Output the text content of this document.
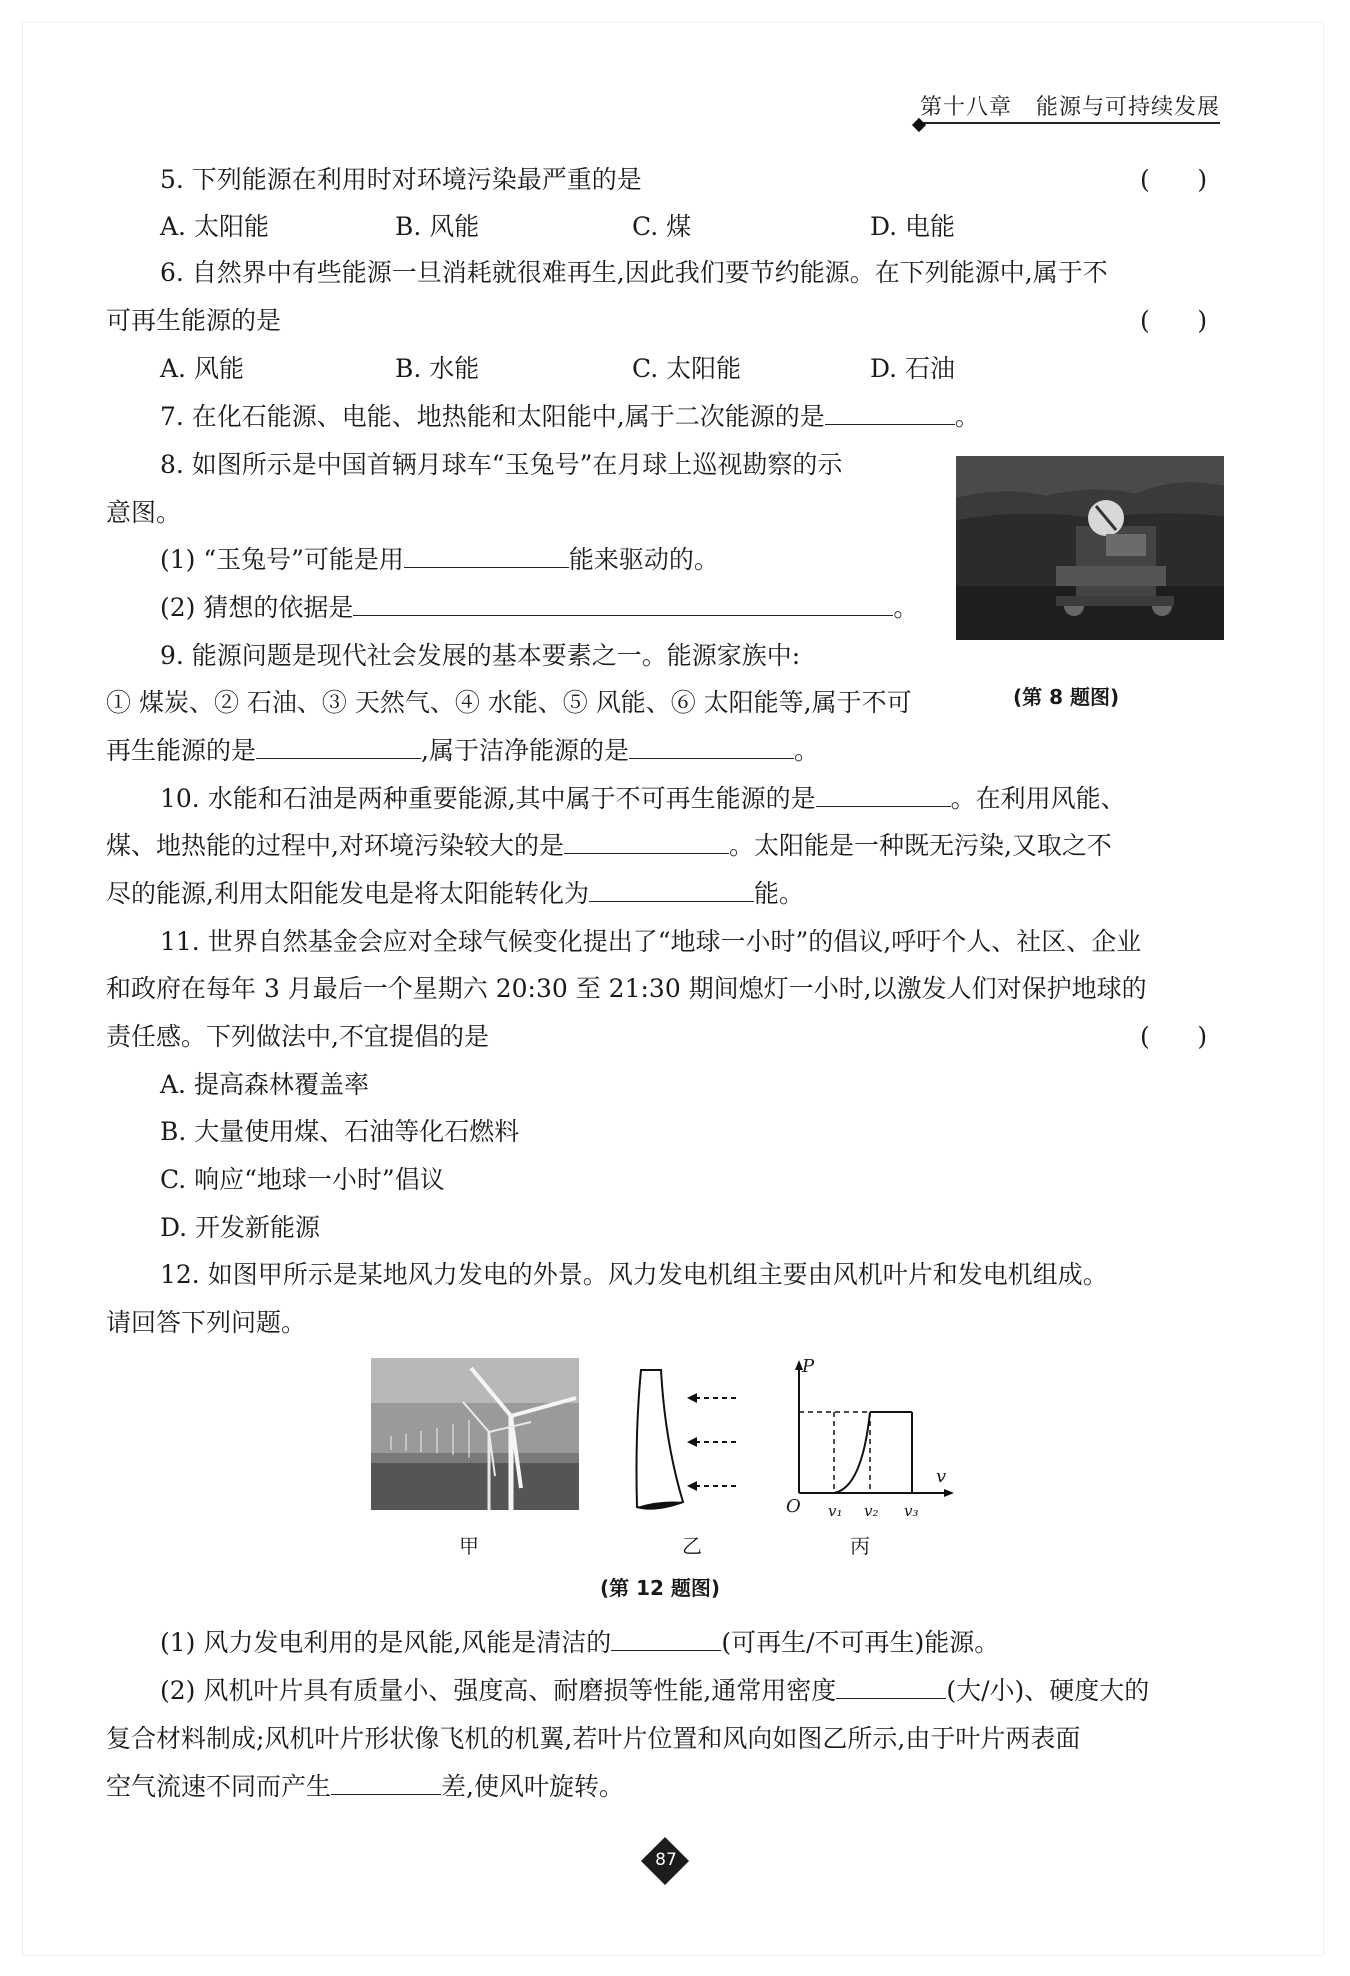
第十八章 能源与可持续发展
5. 下列能源在利用时对环境污染最严重的是	(      )
A. 太阳能	B. 风能	C. 煤	D. 电能
6. 自然界中有些能源一旦消耗就很难再生,因此我们要节约能源。在下列能源中,属于不
可再生能源的是	(      )
A. 风能	B. 水能	C. 太阳能	D. 石油
7. 在化石能源、电能、地热能和太阳能中,属于二次能源的是	。
8. 如图所示是中国首辆月球车“玉兔号”在月球上巡视勘察的示
意图。
(1) “玉兔号”可能是用	能来驱动的。
(2) 猜想的依据是	。
(第 8 题图)
9. 能源问题是现代社会发展的基本要素之一。能源家族中:
① 煤炭、② 石油、③ 天然气、④ 水能、⑤ 风能、⑥ 太阳能等,属于不可
再生能源的是	,属于洁净能源的是	。
10. 水能和石油是两种重要能源,其中属于不可再生能源的是	。在利用风能、
煤、地热能的过程中,对环境污染较大的是	。太阳能是一种既无污染,又取之不
尽的能源,利用太阳能发电是将太阳能转化为	能。
11. 世界自然基金会应对全球气候变化提出了“地球一小时”的倡议,呼吁个人、社区、企业
和政府在每年 3 月最后一个星期六 20:30 至 21:30 期间熄灯一小时,以激发人们对保护地球的
责任感。下列做法中,不宜提倡的是	(      )
A. 提高森林覆盖率
B. 大量使用煤、石油等化石燃料
C. 响应“地球一小时”倡议
D. 开发新能源
12. 如图甲所示是某地风力发电的外景。风力发电机组主要由风机叶片和发电机组成。
请回答下列问题。
甲	乙
P
v
O v₁ v₂ v₃
丙
(第 12 题图)
(1) 风力发电利用的是风能,风能是清洁的	(可再生/不可再生)能源。
(2) 风机叶片具有质量小、强度高、耐磨损等性能,通常用密度	(大/小)、硬度大的
复合材料制成;风机叶片形状像飞机的机翼,若叶片位置和风向如图乙所示,由于叶片两表面
空气流速不同而产生	差,使风叶旋转。
87
